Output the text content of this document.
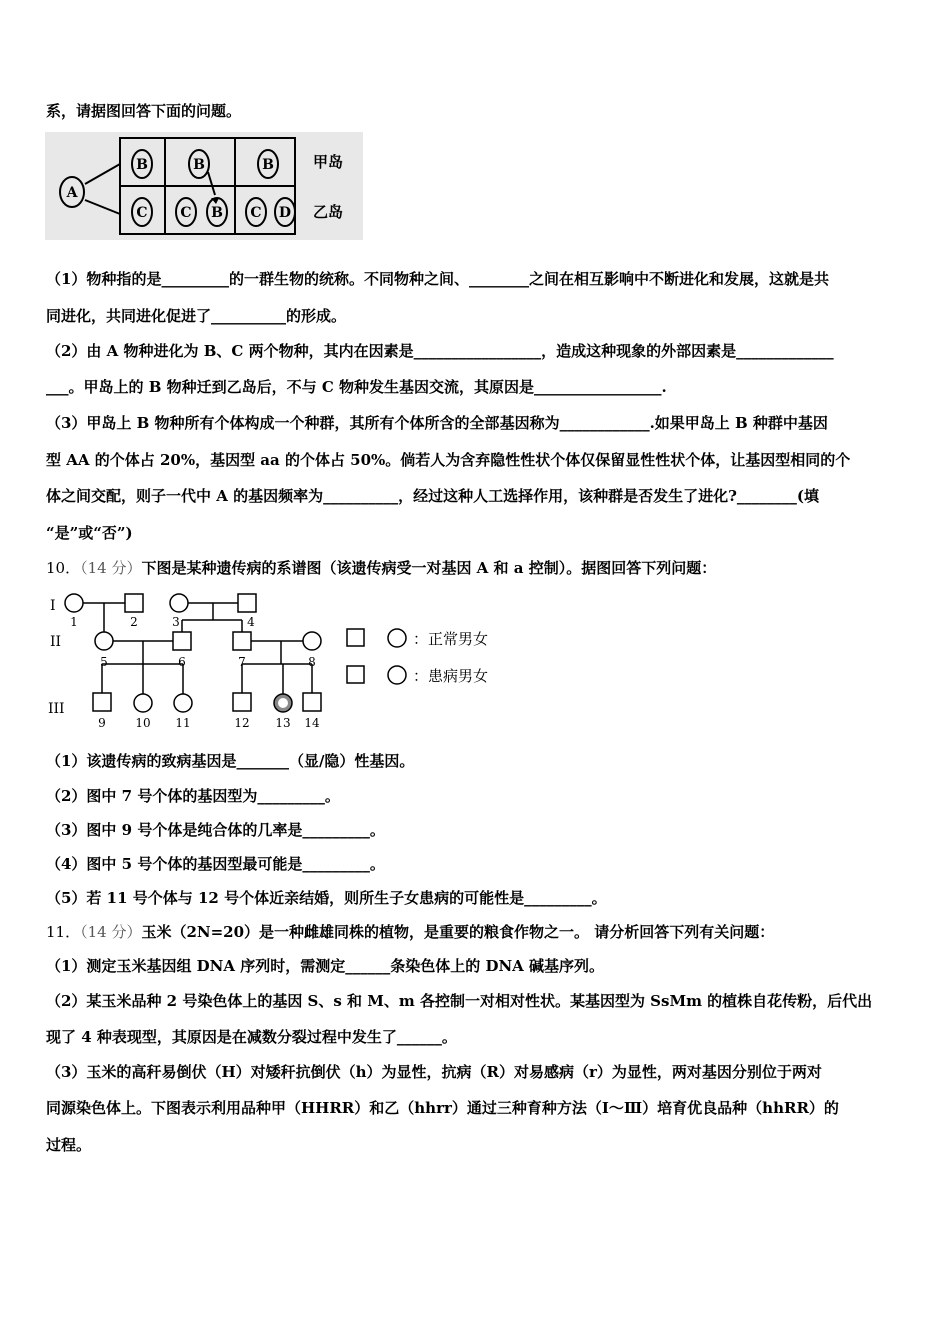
系，请据图回答下面的问题。
A
B	B	B
C C B C D
甲岛
乙岛
（1）物种指的是_________的一群生物的统称。不同物种之间、________之间在相互影响中不断进化和发展，这就是共
同进化，共同进化促进了__________的形成。
（2）由 A 物种进化为 B、C 两个物种，其内在因素是_________________，造成这种现象的外部因素是_____________
___。甲岛上的 B 物种迁到乙岛后，不与 C 物种发生基因交流，其原因是_________________.
（3）甲岛上 B 物种所有个体构成一个种群，其所有个体所含的全部基因称为____________.如果甲岛上 B 种群中基因
型 AA 的个体占 20%，基因型 aa 的个体占 50%。倘若人为含弃隐性性状个体仅保留显性性状个体，让基因型相同的个
体之间交配，则子一代中 A 的基因频率为__________，经过这种人工选择作用，该种群是否发生了进化?________(填
“是”或“否”)
10．（14 分）下图是某种遗传病的系谱图（该遗传病受一对基因 A 和 a 控制）。据图回答下列问题：
I
II
III
1	2	3	4
5	6	7	8
9 10 11	12 13 14
：正常男女
：患病男女
（1）该遗传病的致病基因是_______（显/隐）性基因。
（2）图中 7 号个体的基因型为_________。
（3）图中 9 号个体是纯合体的几率是_________。
（4）图中 5 号个体的基因型最可能是_________。
（5）若 11 号个体与 12 号个体近亲结婚，则所生子女患病的可能性是_________。
11．（14 分）玉米（2N=20）是一种雌雄同株的植物，是重要的粮食作物之一。 请分析回答下列有关问题：
（1）测定玉米基因组 DNA 序列时，需测定______条染色体上的 DNA 碱基序列。
（2）某玉米品种 2 号染色体上的基因 S、s 和 M、m 各控制一对相对性状。某基因型为 SsMm 的植株自花传粉，后代出
现了 4 种表现型，其原因是在减数分裂过程中发生了______。
（3）玉米的高秆易倒伏（H）对矮秆抗倒伏（h）为显性，抗病（R）对易感病（r）为显性，两对基因分别位于两对
同源染色体上。下图表示利用品种甲（HHRR）和乙（hhrr）通过三种育种方法（Ⅰ～Ⅲ）培育优良品种（hhRR）的
过程。
